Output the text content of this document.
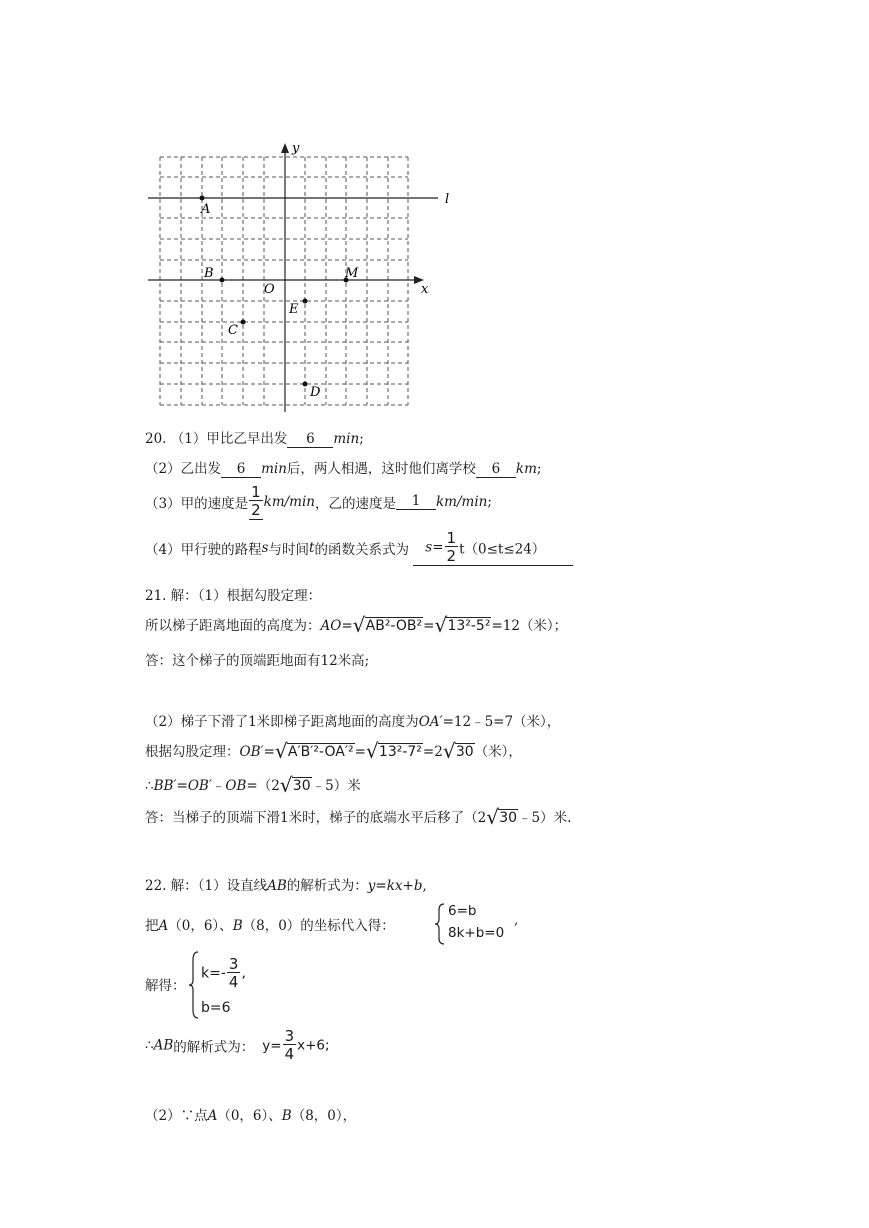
y
x
l
O
A
B	M
E
C
D
20. （1）甲比乙早出发 6 min;
（2）乙出发 6 min后，两人相遇，这时他们离学校 6 km;
（3）甲的速度是 $\frac{1}{2} km/\min$，乙的速度是 1 km/min;
（4）甲行驶的路程s与时间t的函数关系式为 $s= \frac{1}{2} t(0\le t\le 24)$
21. 解：（1）根据勾股定理：
所以梯子距离地面的高度为：AO= √ AB²-OB²= √ 13²-5²=12（米）；
答：这个梯子的顶端距地面有12米高;
（2）梯子下滑了1米即梯子距离地面的高度为OA′=12﹣5=7（米），
根据勾股定理：OB′= √ A′B′²-OA′²= √ 13²-7²=2 √ 30（米），
∴BB′=OB′﹣OB=（2 √ 30﹣5）米
答：当梯子的顶端下滑1米时，梯子的底端水平后移了（2 √ 30﹣5）米.
22. 解：（1）设直线AB的解析式为：y=kx+b,
把A（0，6）、B（8，0）的坐标代入得：
6=b
8k+b=0
,
解得：
$k=- \frac{3}{4}$ ,
b=6
∴AB的解析式为： $y= \frac{3}{4} x+6$;
（2）∵点A（0，6）、B（8，0），
